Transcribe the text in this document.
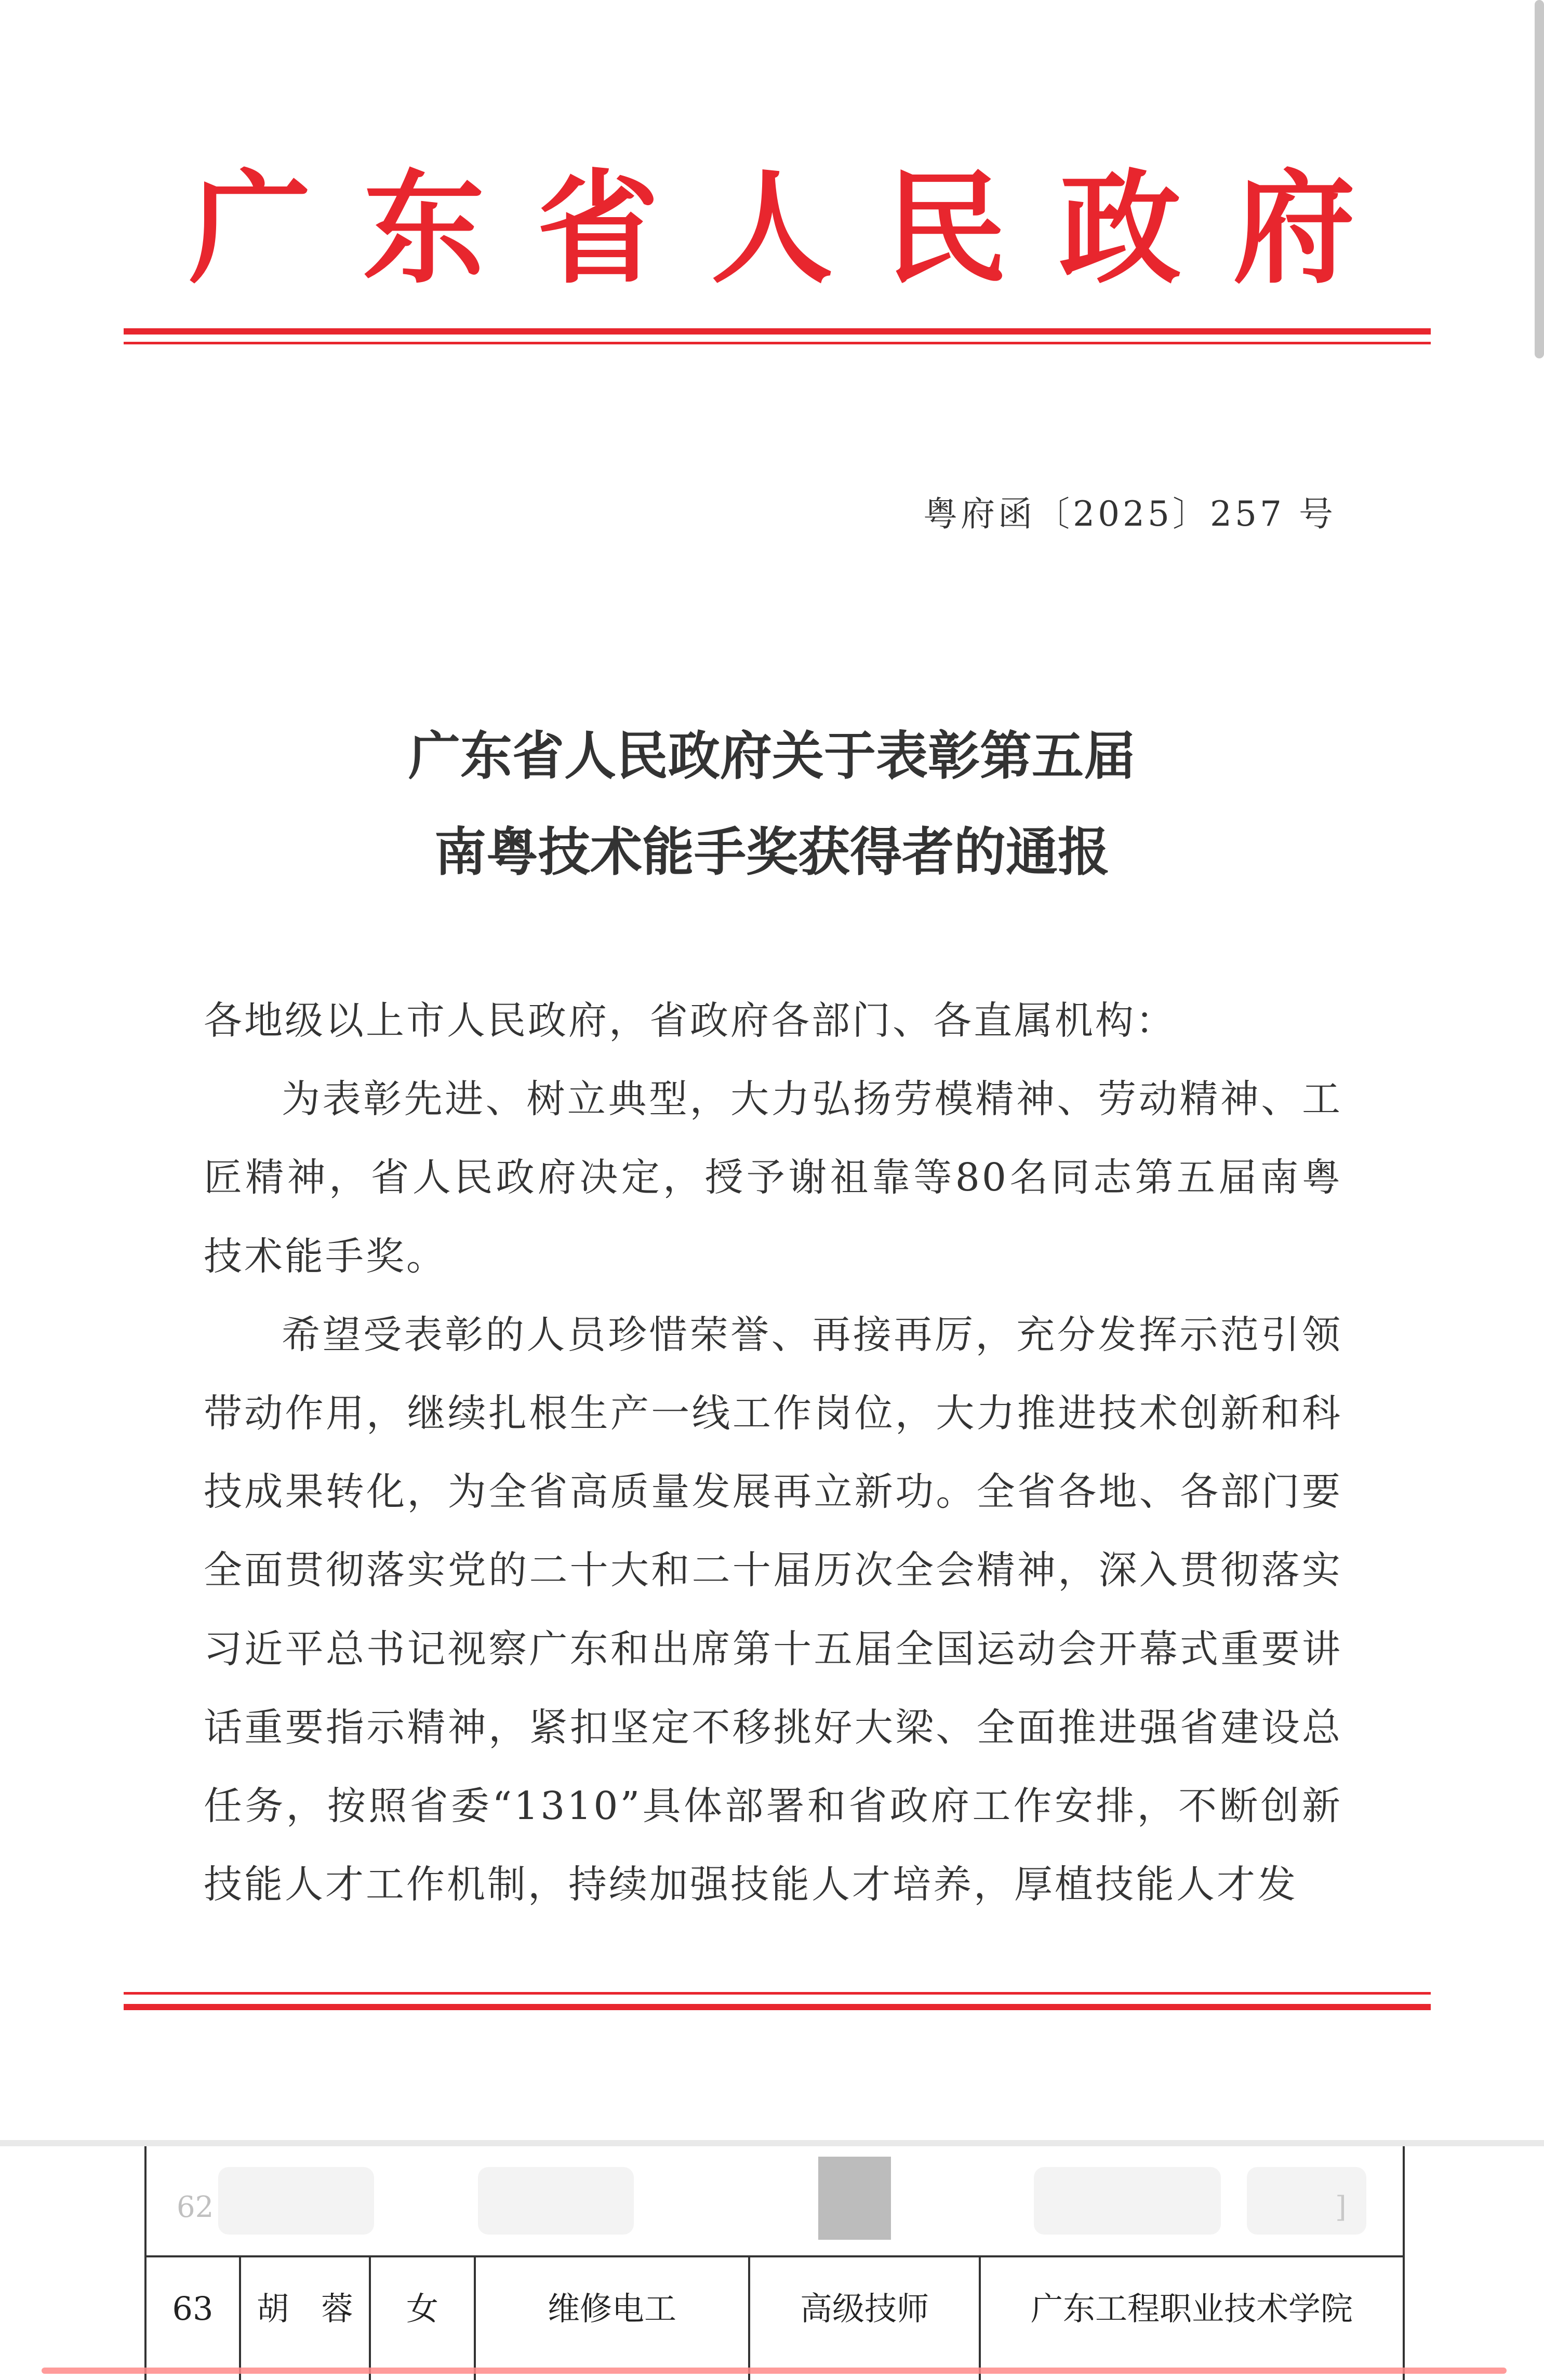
广东省人民政府
粤府函〔2025〕257 号
广东省人民政府关于表彰第五届
南粤技术能手奖获得者的通报

各地级以上市人民政府，省政府各部门、各直属机构：

为表彰先进、树立典型，大力弘扬劳模精神、劳动精神、工匠精神，省人民政府决定，授予谢祖靠等80名同志第五届南粤技术能手奖。

希望受表彰的人员珍惜荣誉、再接再厉，充分发挥示范引领带动作用，继续扎根生产一线工作岗位，大力推进技术创新和科技成果转化，为全省高质量发展再立新功。全省各地、各部门要全面贯彻落实党的二十大和二十届历次全会精神，深入贯彻落实习近平总书记视察广东和出席第十五届全国运动会开幕式重要讲话重要指示精神，紧扣坚定不移挑好大梁、全面推进强省建设总任务，按照省委“1310”具体部署和省政府工作安排，不断创新技能人才工作机制，持续加强技能人才培养，厚植技能人才发

62	]
63	胡　蓉	女	维修电工	高级技师	广东工程职业技术学院
